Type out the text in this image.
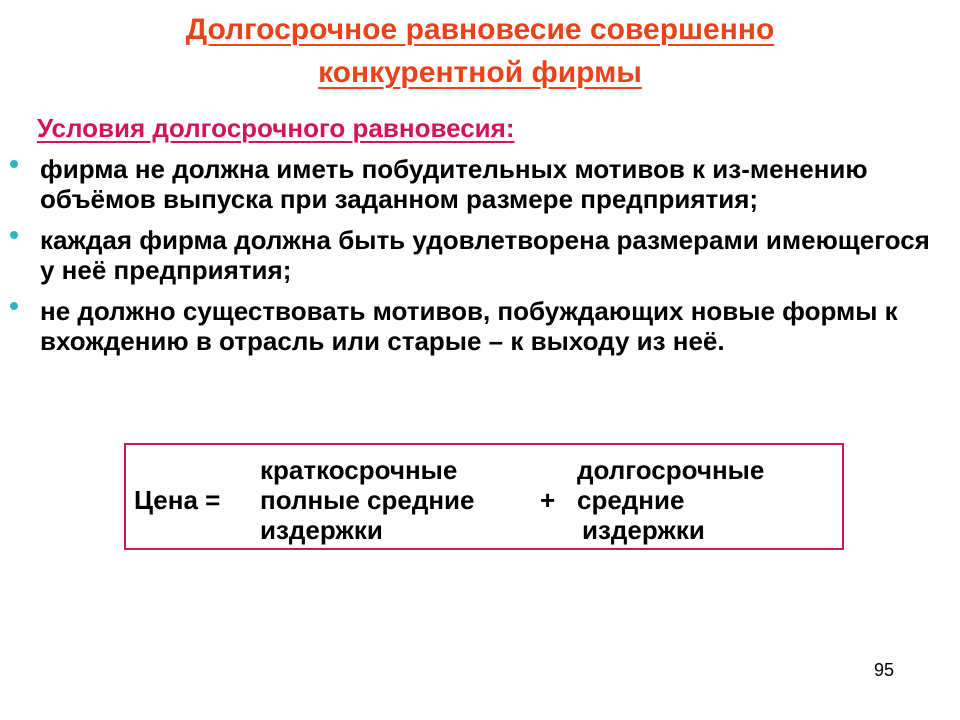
Долгосрочное равновесие совершенно
конкурентной фирмы
Условия долгосрочного равновесия:
фирма не должна иметь побудительных мотивов к из-менению объёмов выпуска при заданном размере предприятия;
каждая фирма должна быть удовлетворена размерами имеющегося у неё предприятия;
не должно существовать мотивов, побуждающих новые формы к вхождению в отрасль или старые – к выходу из неё.
краткосрочные	долгосрочные
Цена = полные средние	+ средние
издержки	издержки
95
